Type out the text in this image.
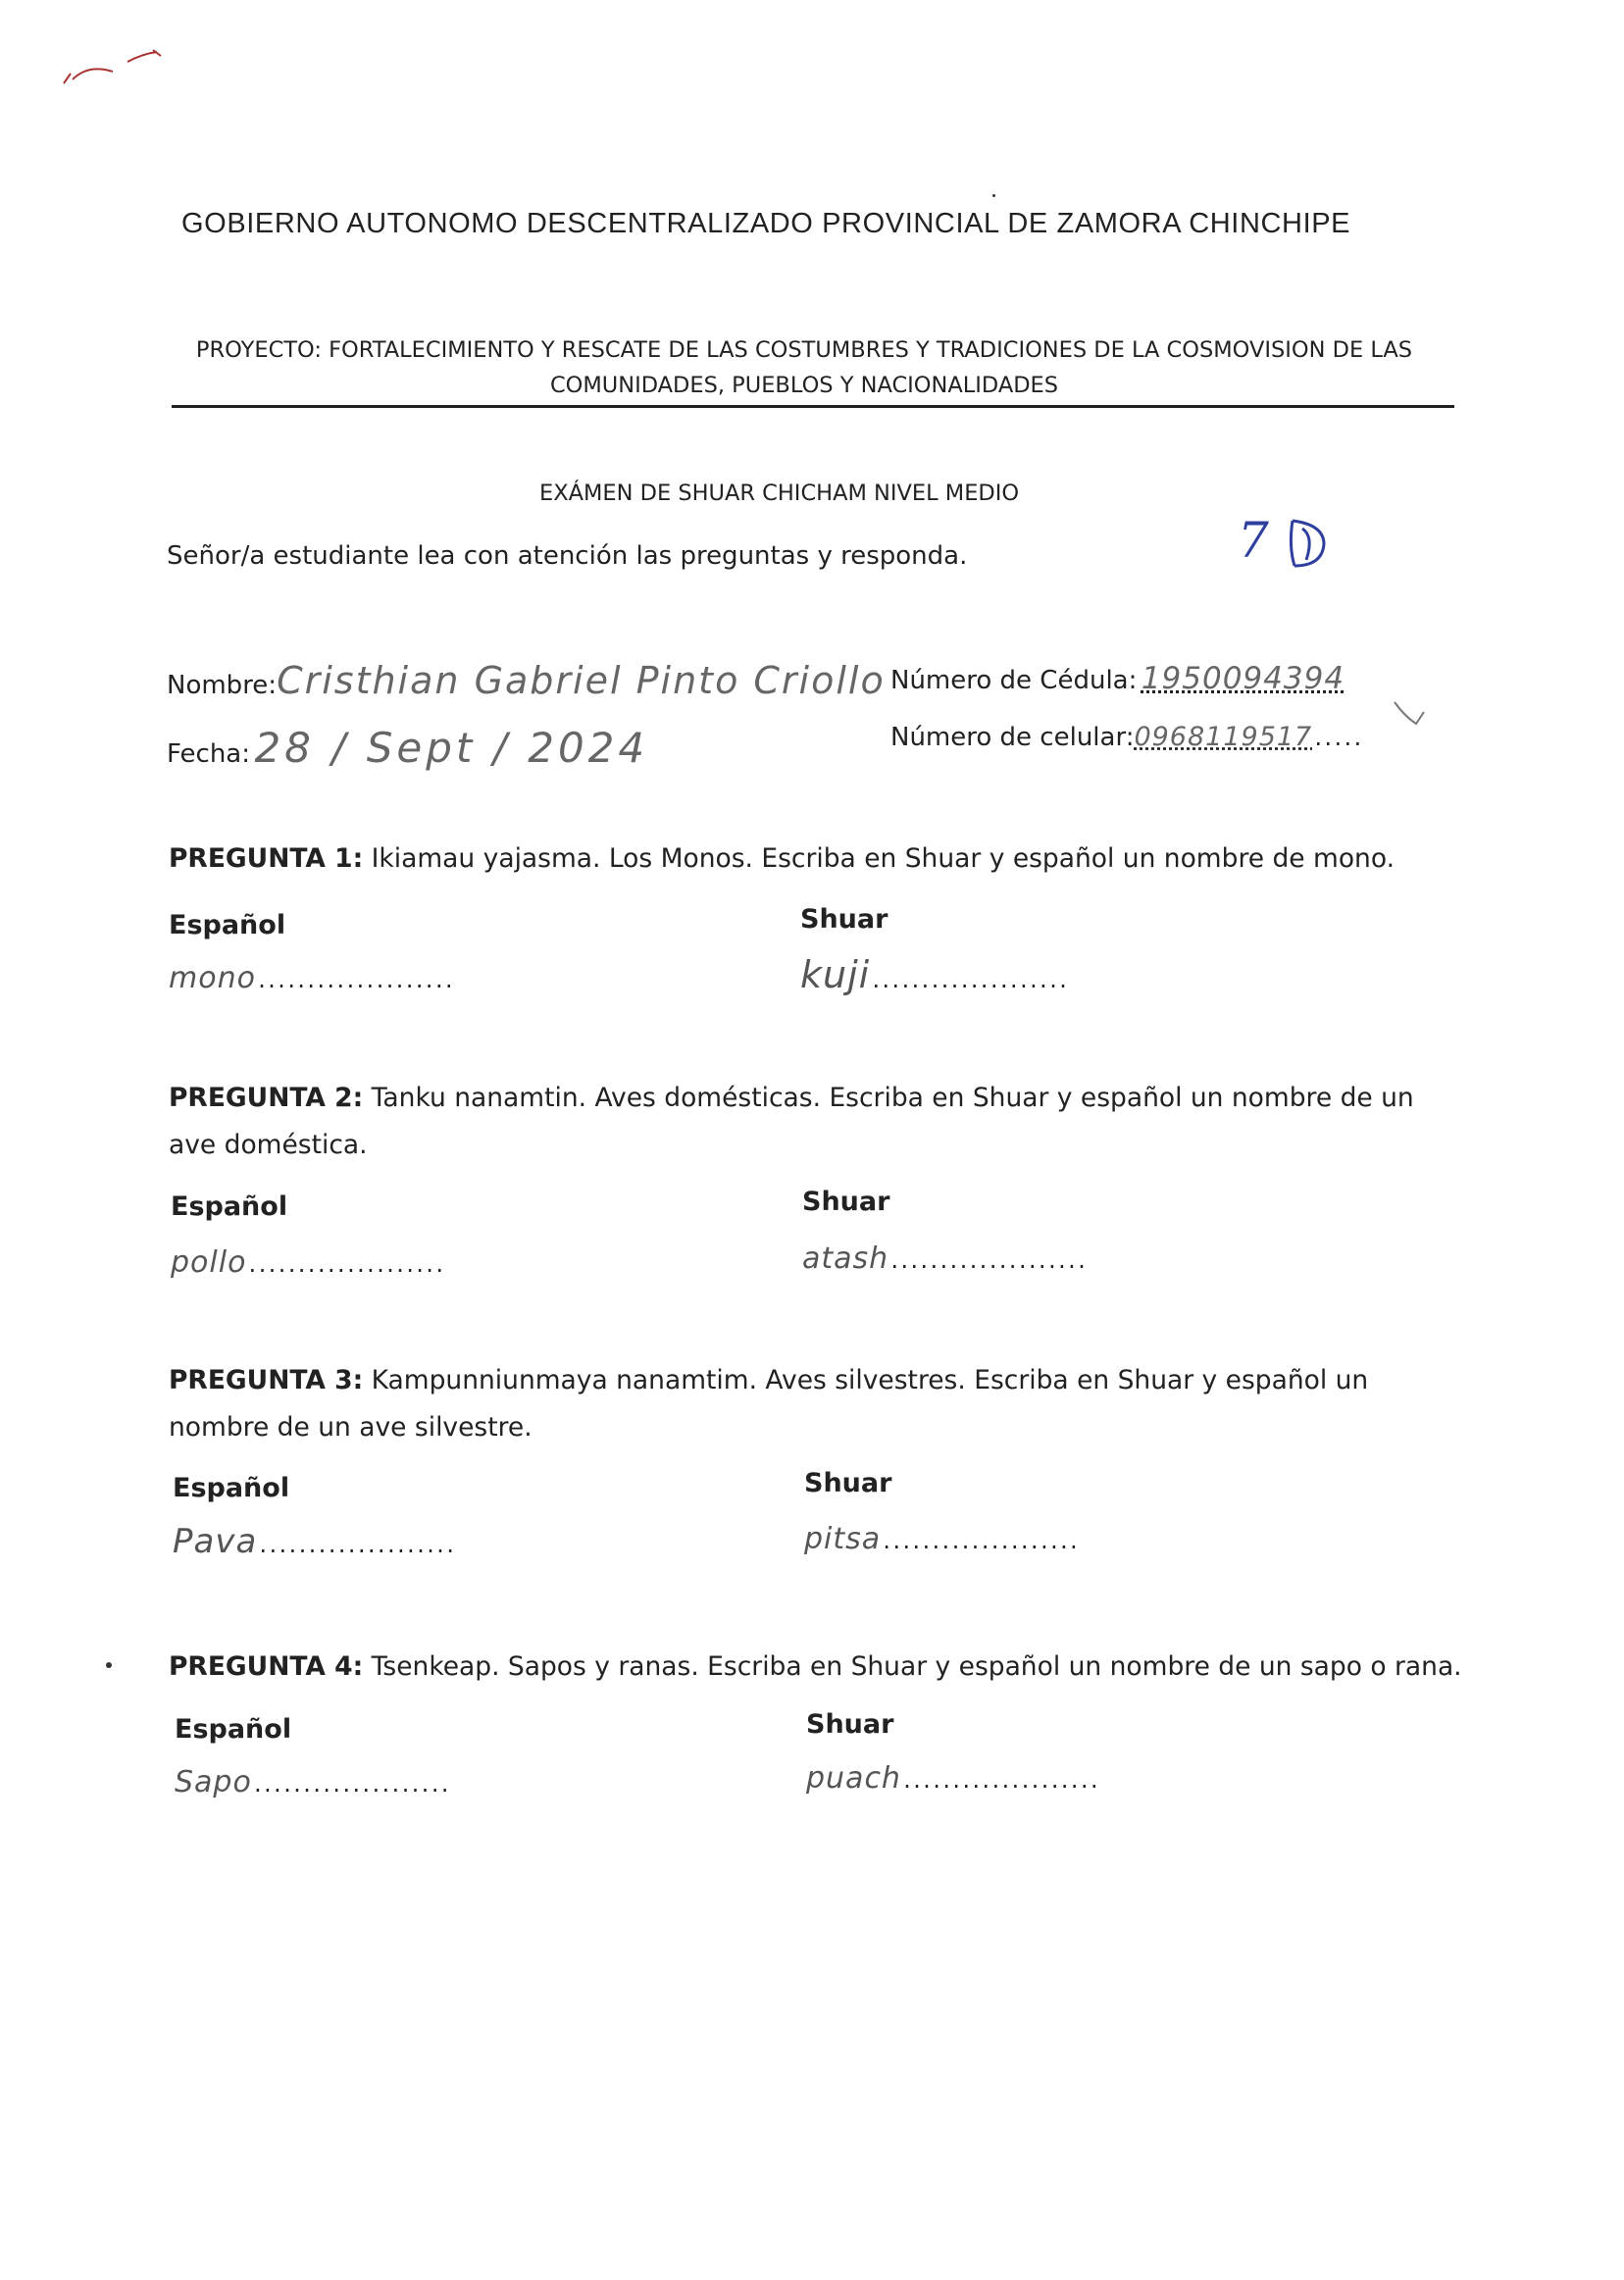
GOBIERNO AUTONOMO DESCENTRALIZADO PROVINCIAL DE ZAMORA CHINCHIPE
PROYECTO: FORTALECIMIENTO Y RESCATE DE LAS COSTUMBRES Y TRADICIONES DE LA COSMOVISION DE LAS
COMUNIDADES, PUEBLOS Y NACIONALIDADES
EXÁMEN DE SHUAR CHICHAM NIVEL MEDIO
Señor/a estudiante lea con atención las preguntas y responda.	7
Nombre:Cristhian Gabriel Pinto Criollo
Fecha: 28 / Sept / 2024
Número de Cédula: 1950094394
Número de celular:0968119517.....
PREGUNTA 1: Ikiamau yajasma. Los Monos. Escriba en Shuar y español un nombre de mono.
Español	Shuar
mono....................	kuji....................
PREGUNTA 2: Tanku nanamtin. Aves domésticas. Escriba en Shuar y español un nombre de un ave doméstica.
Español	Shuar
pollo....................	atash....................
PREGUNTA 3: Kampunniunmaya nanamtim. Aves silvestres. Escriba en Shuar y español un nombre de un ave silvestre.
Español	Shuar
Pava....................	pitsa....................
PREGUNTA 4: Tsenkeap. Sapos y ranas. Escriba en Shuar y español un nombre de un sapo o rana.
Español	Shuar
Sapo....................	puach....................
